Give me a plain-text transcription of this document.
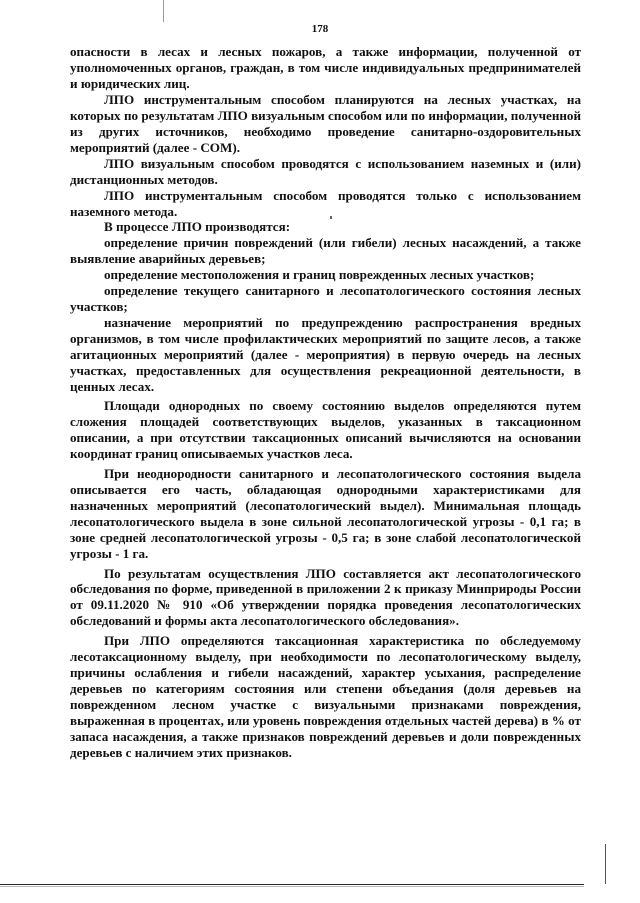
178

опасности в лесах и лесных пожаров, а также информации, полученной от уполномоченных органов, граждан, в том числе индивидуальных предпринимателей и юридических лиц.

ЛПО инструментальным способом планируются на лесных участках, на которых по результатам ЛПО визуальным способом или по информации, полученной из других источников, необходимо проведение санитарно-оздоровительных мероприятий (далее - СОМ).

ЛПО визуальным способом проводятся с использованием наземных и (или) дистанционных методов.

ЛПО инструментальным способом проводятся только с использованием наземного метода.

В процессе ЛПО производятся:

определение причин повреждений (или гибели) лесных насаждений, а также выявление аварийных деревьев;

определение местоположения и границ поврежденных лесных участков;

определение текущего санитарного и лесопатологического состояния лесных участков;

назначение мероприятий по предупреждению распространения вредных организмов, в том числе профилактических мероприятий по защите лесов, а также агитационных мероприятий (далее - мероприятия) в первую очередь на лесных участках, предоставленных для осуществления рекреационной деятельности, в ценных лесах.

Площади однородных по своему состоянию выделов определяются путем сложения площадей соответствующих выделов, указанных в таксационном описании, а при отсутствии таксационных описаний вычисляются на основании координат границ описываемых участков леса.

При неоднородности санитарного и лесопатологического состояния выдела описывается его часть, обладающая однородными характеристиками для назначенных мероприятий (лесопатологический выдел). Минимальная площадь лесопатологического выдела в зоне сильной лесопатологической угрозы - 0,1 га; в зоне средней лесопатологической угрозы - 0,5 га; в зоне слабой лесопатологической угрозы - 1 га.

По результатам осуществления ЛПО составляется акт лесопатологического обследования по форме, приведенной в приложении 2 к приказу Минприроды России от 09.11.2020 № 910 «Об утверждении порядка проведения лесопатологических обследований и формы акта лесопатологического обследования».

При ЛПО определяются таксационная характеристика по обследуемому лесотаксационному выделу, при необходимости по лесопатологическому выделу, причины ослабления и гибели насаждений, характер усыхания, распределение деревьев по категориям состояния или степени объедания (доля деревьев на поврежденном лесном участке с визуальными признаками повреждения, выраженная в процентах, или уровень повреждения отдельных частей дерева) в % от запаса насаждения, а также признаков повреждений деревьев и доли поврежденных деревьев с наличием этих признаков.
